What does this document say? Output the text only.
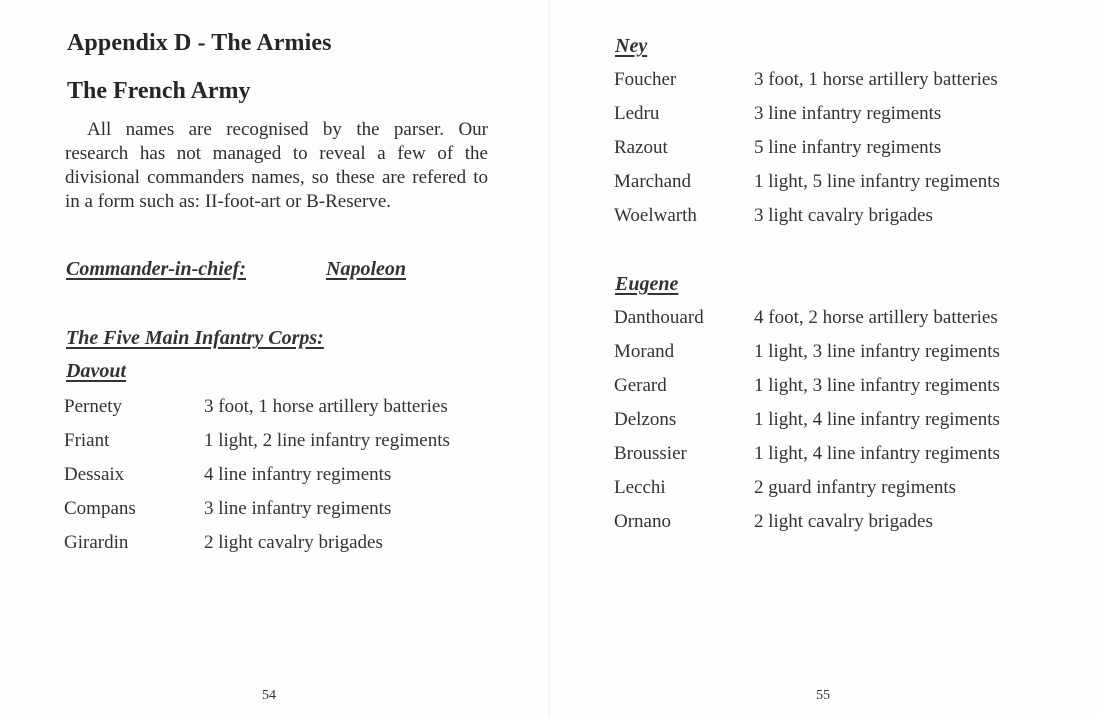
Appendix D - The Armies
The French Army

All names are recognised by the parser. Our research has not managed to reveal a few of the divisional commanders names, so these are refered to in a form such as: II-foot-art or B-Reserve.

Commander-in-chief:	Napoleon
The Five Main Infantry Corps:
Davout
Pernety	3 foot, 1 horse artillery batteries
Friant	1 light, 2 line infantry regiments
Dessaix	4 line infantry regiments
Compans	3 line infantry regiments
Girardin	2 light cavalry brigades
54
Ney
Foucher	3 foot, 1 horse artillery batteries
Ledru	3 line infantry regiments
Razout	5 line infantry regiments
Marchand	1 light, 5 line infantry regiments
Woelwarth	3 light cavalry brigades
Eugene
Danthouard	4 foot, 2 horse artillery batteries
Morand	1 light, 3 line infantry regiments
Gerard	1 light, 3 line infantry regiments
Delzons	1 light, 4 line infantry regiments
Broussier	1 light, 4 line infantry regiments
Lecchi	2 guard infantry regiments
Ornano	2 light cavalry brigades
55
